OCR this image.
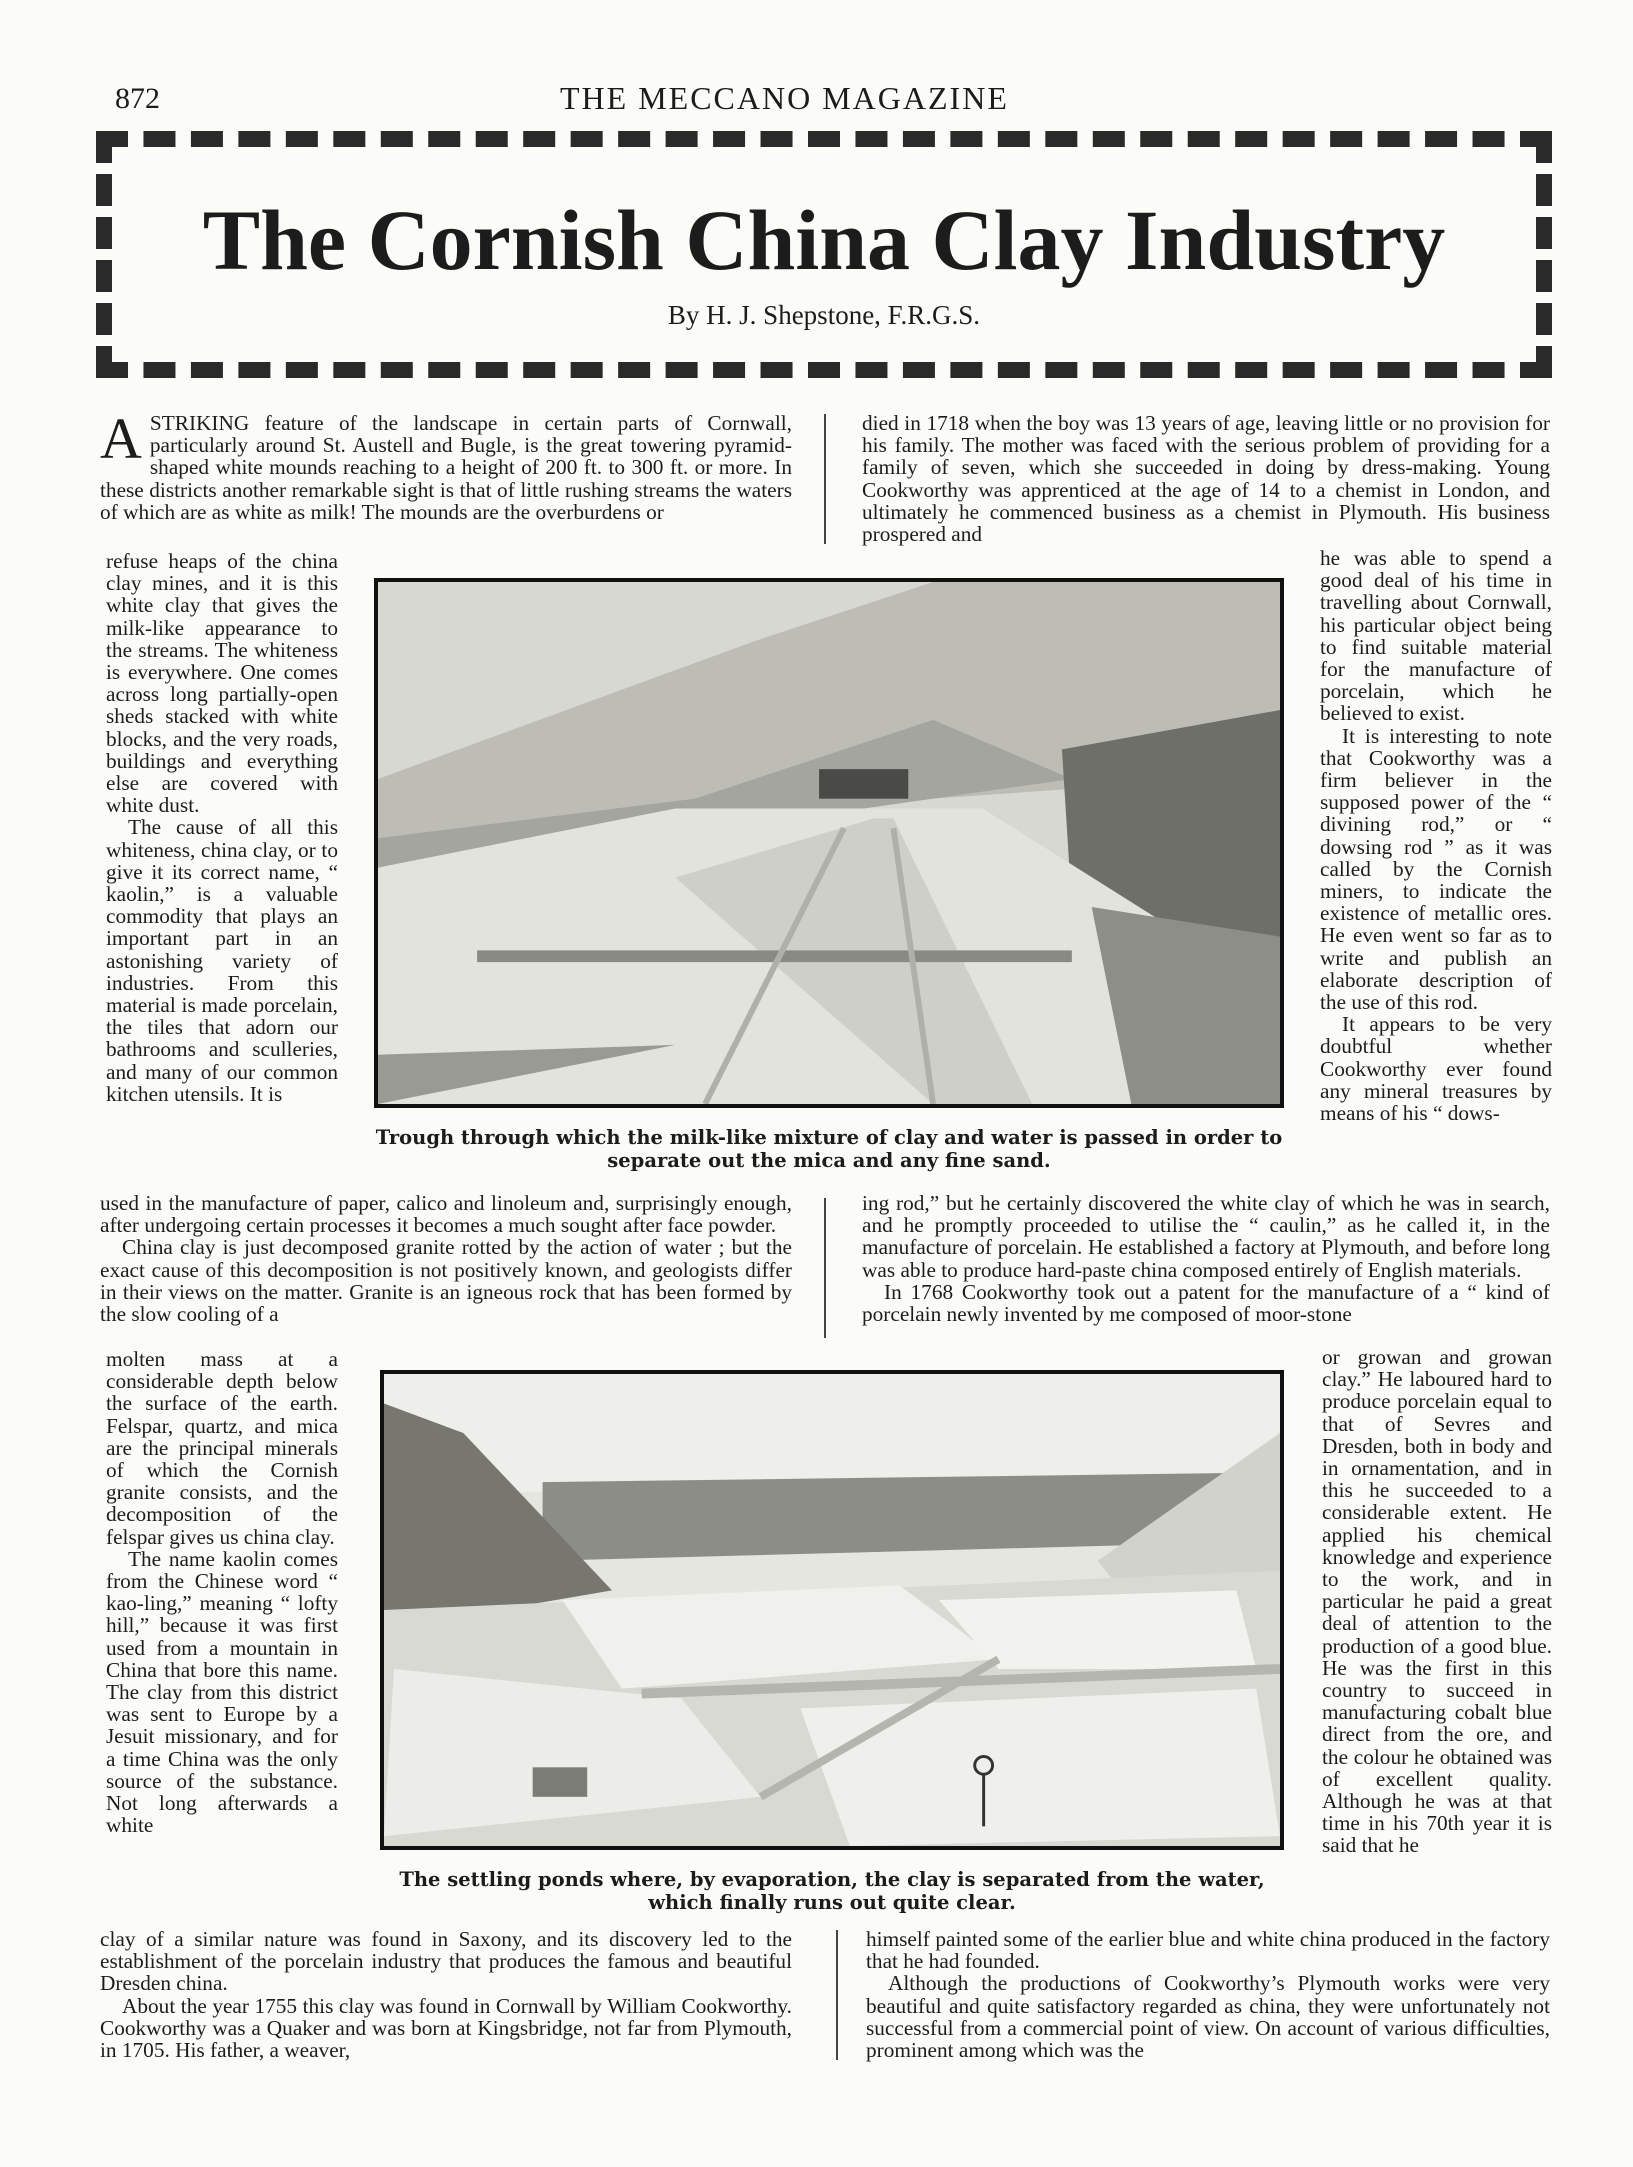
872	THE MECCANO MAGAZINE
The Cornish China Clay Industry
By H. J. Shepstone, F.R.G.S.

ASTRIKING feature of the landscape in certain parts of Cornwall, particularly around St. Austell and Bugle, is the great towering pyramid-shaped white mounds reaching to a height of 200 ft. to 300 ft. or more. In these districts another remarkable sight is that of little rushing streams the waters of which are as white as milk! The mounds are the overburdens or

died in 1718 when the boy was 13 years of age, leaving little or no provision for his family. The mother was faced with the serious problem of providing for a family of seven, which she succeeded in doing by dress-making. Young Cookworthy was apprenticed at the age of 14 to a chemist in London, and ultimately he commenced business as a chemist in Plymouth. His business prospered and

refuse heaps of the china clay mines, and it is this white clay that gives the milk-like appearance to the streams. The whiteness is everywhere. One comes across long partially-open sheds stacked with white blocks, and the very roads, buildings and everything else are covered with white dust.

The cause of all this whiteness, china clay, or to give it its correct name, “ kaolin,” is a valuable commodity that plays an important part in an astonishing variety of industries. From this material is made porcelain, the tiles that adorn our bathrooms and sculleries, and many of our common kitchen utensils. It is

Trough through which the milk-like mixture of clay and water is passed in order to separate out the mica and any fine sand.

he was able to spend a good deal of his time in travelling about Cornwall, his particular object being to find suitable material for the manufacture of porcelain, which he believed to exist.

It is interesting to note that Cookworthy was a firm believer in the supposed power of the “ divining rod,” or “ dowsing rod ” as it was called by the Cornish miners, to indicate the existence of metallic ores. He even went so far as to write and publish an elaborate description of the use of this rod.

It appears to be very doubtful whether Cookworthy ever found any mineral treasures by means of his “ dows-

used in the manufacture of paper, calico and linoleum and, surprisingly enough, after undergoing certain processes it becomes a much sought after face powder.

China clay is just decomposed granite rotted by the action of water ; but the exact cause of this decomposition is not positively known, and geologists differ in their views on the matter. Granite is an igneous rock that has been formed by the slow cooling of a

ing rod,” but he certainly discovered the white clay of which he was in search, and he promptly proceeded to utilise the “ caulin,” as he called it, in the manufacture of porcelain. He established a factory at Plymouth, and before long was able to produce hard-paste china composed entirely of English materials.

In 1768 Cookworthy took out a patent for the manufacture of a “ kind of porcelain newly invented by me composed of moor-stone

molten mass at a considerable depth below the surface of the earth. Felspar, quartz, and mica are the principal minerals of which the Cornish granite consists, and the decomposition of the felspar gives us china clay.

The name kaolin comes from the Chinese word “ kao-ling,” meaning “ lofty hill,” because it was first used from a mountain in China that bore this name. The clay from this district was sent to Europe by a Jesuit missionary, and for a time China was the only source of the substance. Not long afterwards a white

The settling ponds where, by evaporation, the clay is separated from the water, which finally runs out quite clear.

or growan and growan clay.” He laboured hard to produce porcelain equal to that of Sevres and Dresden, both in body and in ornamentation, and in this he succeeded to a considerable extent. He applied his chemical knowledge and experience to the work, and in particular he paid a great deal of attention to the production of a good blue. He was the first in this country to succeed in manufacturing cobalt blue direct from the ore, and the colour he obtained was of excellent quality. Although he was at that time in his 70th year it is said that he

clay of a similar nature was found in Saxony, and its discovery led to the establishment of the porcelain industry that produces the famous and beautiful Dresden china.

About the year 1755 this clay was found in Cornwall by William Cookworthy. Cookworthy was a Quaker and was born at Kingsbridge, not far from Plymouth, in 1705. His father, a weaver,

himself painted some of the earlier blue and white china produced in the factory that he had founded.

Although the productions of Cookworthy’s Plymouth works were very beautiful and quite satisfactory regarded as china, they were unfortunately not successful from a commercial point of view. On account of various difficulties, prominent among which was the
